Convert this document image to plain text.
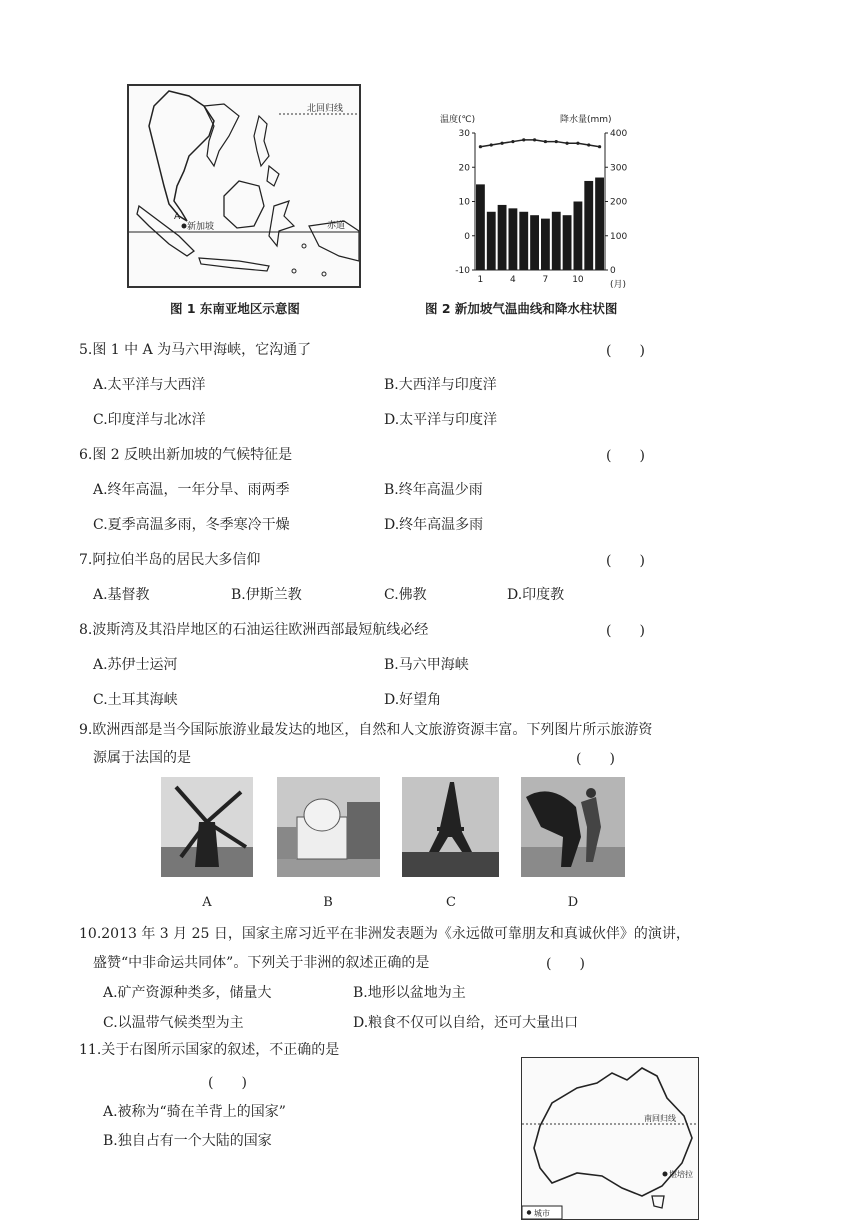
新加坡
A
北回归线
赤道
图 1 东南亚地区示意图
温度(℃)	降水量(mm)
30
20
10
0
-10
400
300
200
100
0
1	4	7	10	(月)
图 2 新加坡气温曲线和降水柱状图
5.图 1 中 A 为马六甲海峡，它沟通了	(　　)
A.太平洋与大西洋	B.大西洋与印度洋
C.印度洋与北冰洋	D.太平洋与印度洋
6.图 2 反映出新加坡的气候特征是	(　　)
A.终年高温，一年分旱、雨两季	B.终年高温少雨
C.夏季高温多雨，冬季寒冷干燥	D.终年高温多雨
7.阿拉伯半岛的居民大多信仰	(　　)
A.基督教	B.伊斯兰教	C.佛教	D.印度教
8.波斯湾及其沿岸地区的石油运往欧洲西部最短航线必经	(　　)
A.苏伊士运河	B.马六甲海峡
C.土耳其海峡	D.好望角
9.欧洲西部是当今国际旅游业最发达的地区，自然和人文旅游资源丰富。下列图片所示旅游资
源属于法国的是	(　　)
A	B	C	D
10.2013 年 3 月 25 日，国家主席习近平在非洲发表题为《永远做可靠朋友和真诚伙伴》的演讲，
盛赞“中非命运共同体”。下列关于非洲的叙述正确的是	(　　)
A.矿产资源种类多，储量大	B.地形以盆地为主
C.以温带气候类型为主	D.粮食不仅可以自给，还可大量出口
11.关于右图所示国家的叙述，不正确的是
(　　)
A.被称为“骑在羊背上的国家”
B.独自占有一个大陆的国家
南回归线
堪培拉
城市
